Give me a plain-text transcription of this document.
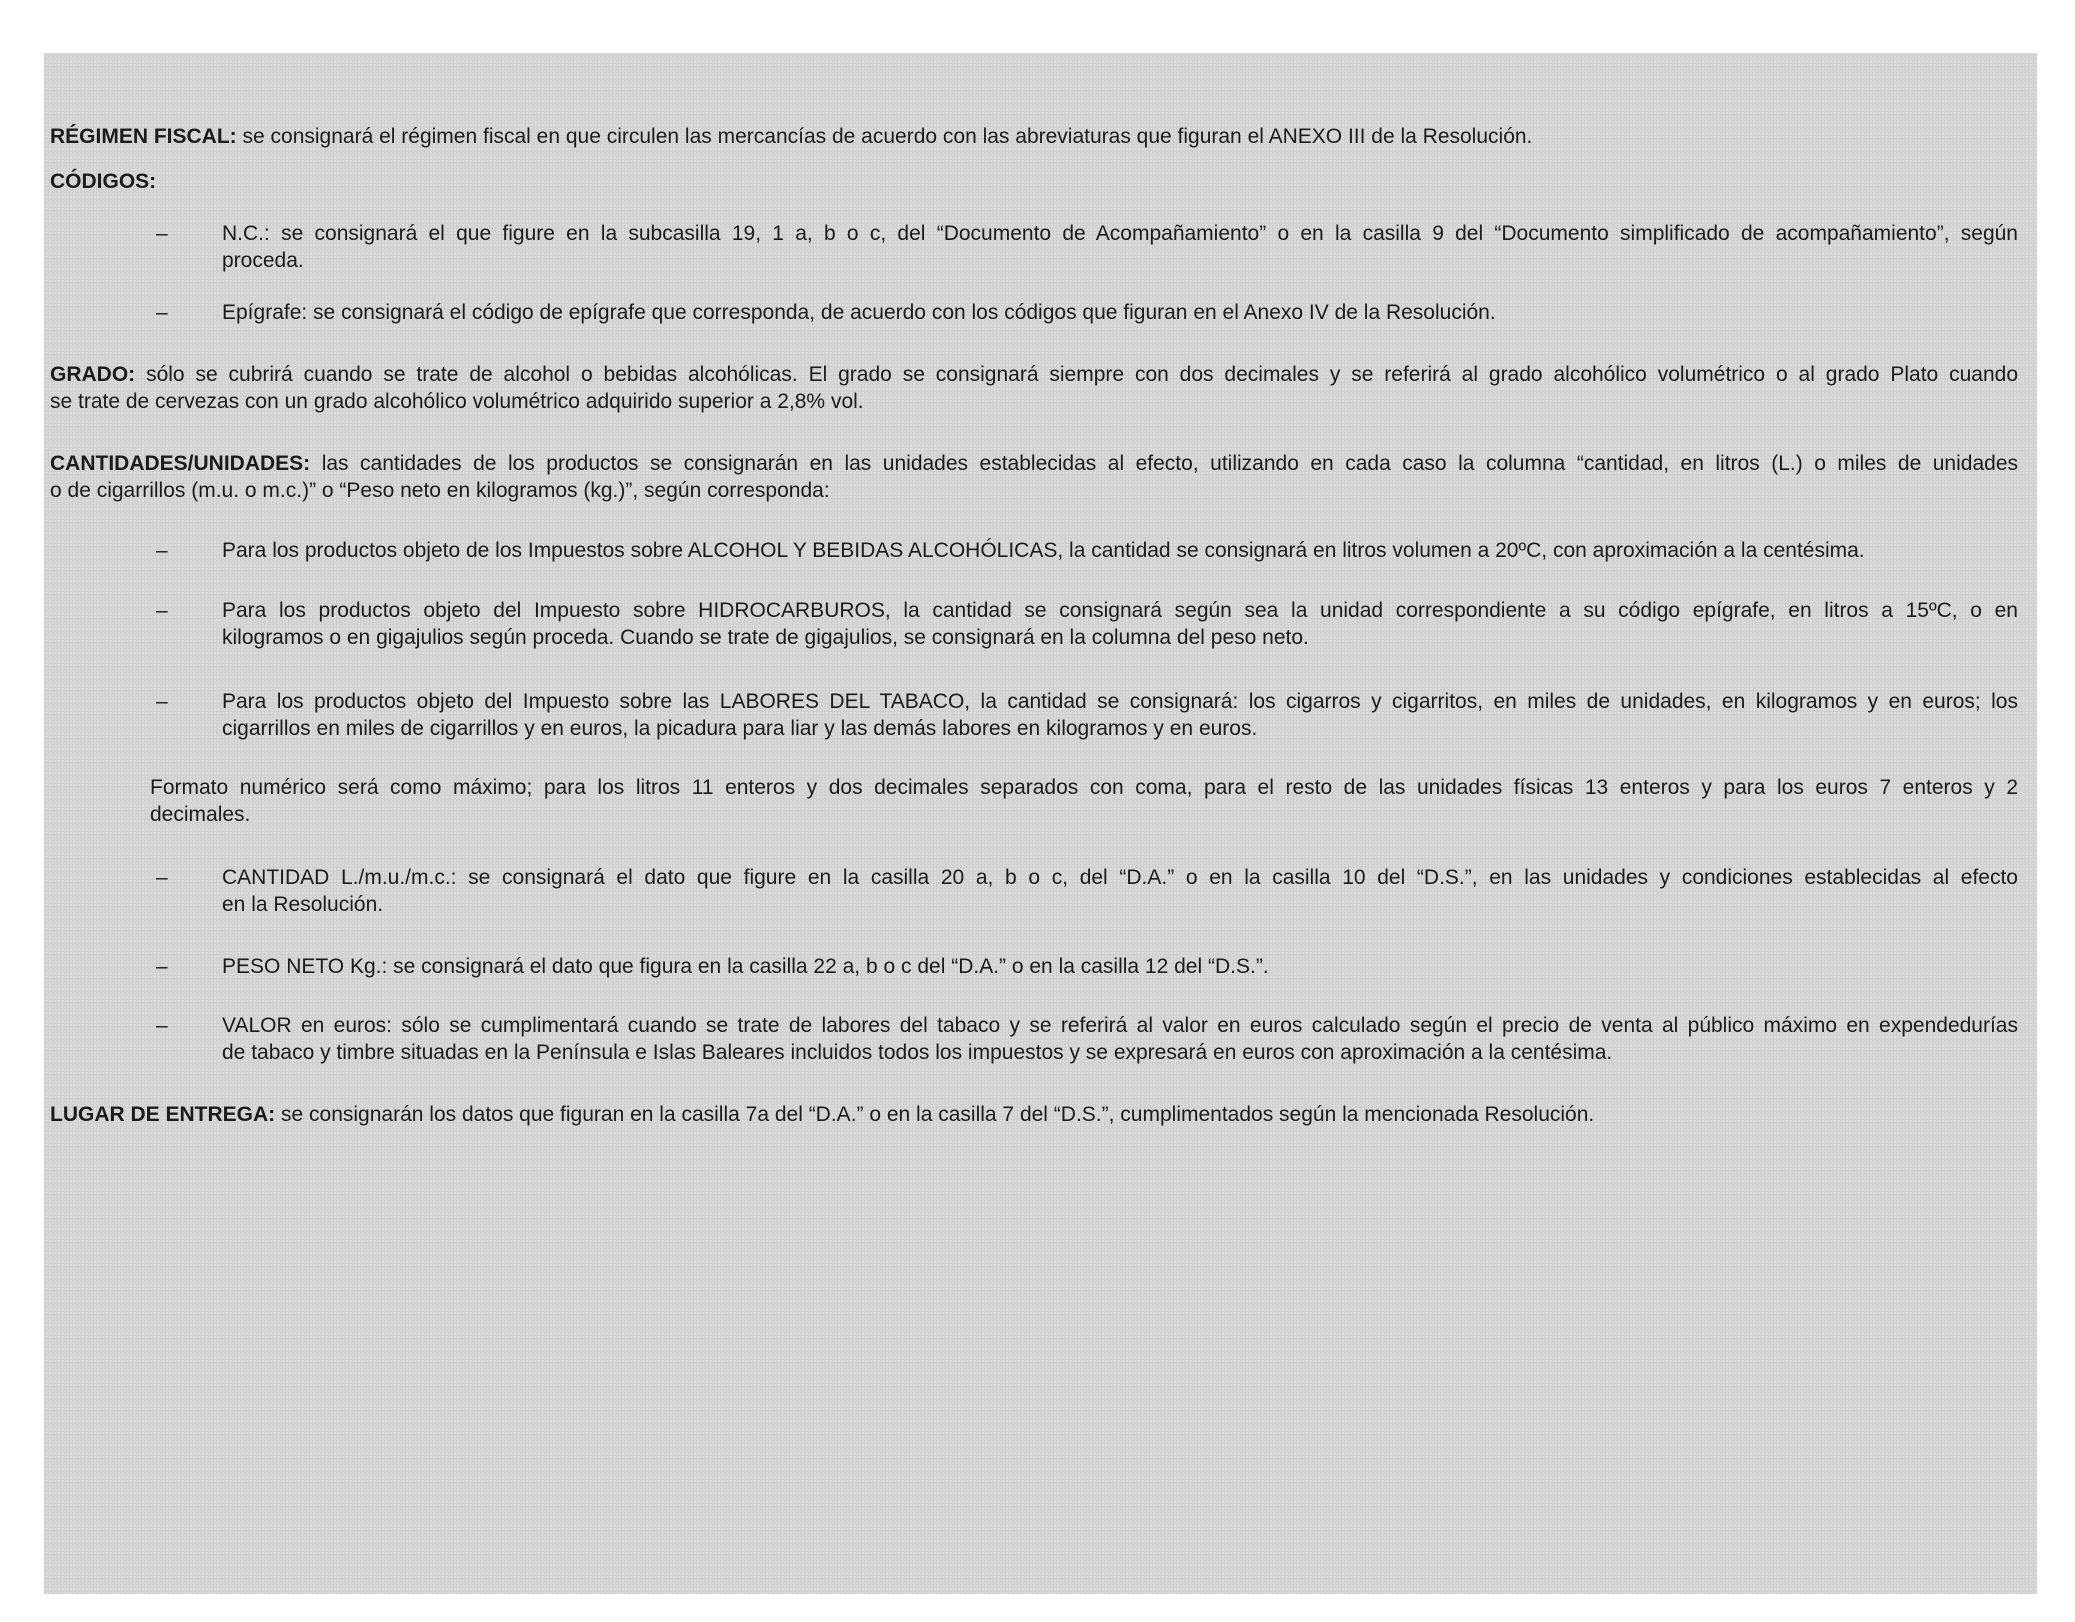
RÉGIMEN FISCAL: se consignará el régimen fiscal en que circulen las mercancías de acuerdo con las abreviaturas que figuran el ANEXO III de la Resolución.
CÓDIGOS:
–	N.C.: se consignará el que figure en la subcasilla 19, 1 a, b o c, del “Documento de Acompañamiento” o en la casilla 9 del “Documento simplificado de acompañamiento”, según
proceda.
–	Epígrafe: se consignará el código de epígrafe que corresponda, de acuerdo con los códigos que figuran en el Anexo IV de la Resolución.
GRADO: sólo se cubrirá cuando se trate de alcohol o bebidas alcohólicas. El grado se consignará siempre con dos decimales y se referirá al grado alcohólico volumétrico o al grado Plato cuando
se trate de cervezas con un grado alcohólico volumétrico adquirido superior a 2,8% vol.
CANTIDADES/UNIDADES: las cantidades de los productos se consignarán en las unidades establecidas al efecto, utilizando en cada caso la columna “cantidad, en litros (L.) o miles de unidades
o de cigarrillos (m.u. o m.c.)” o “Peso neto en kilogramos (kg.)”, según corresponda:
–	Para los productos objeto de los Impuestos sobre ALCOHOL Y BEBIDAS ALCOHÓLICAS, la cantidad se consignará en litros volumen a 20ºC, con aproximación a la centésima.
–	Para los productos objeto del Impuesto sobre HIDROCARBUROS, la cantidad se consignará según sea la unidad correspondiente a su código epígrafe, en litros a 15ºC, o en
kilogramos o en gigajulios según proceda. Cuando se trate de gigajulios, se consignará en la columna del peso neto.
–	Para los productos objeto del Impuesto sobre las LABORES DEL TABACO, la cantidad se consignará: los cigarros y cigarritos, en miles de unidades, en kilogramos y en euros; los
cigarrillos en miles de cigarrillos y en euros, la picadura para liar y las demás labores en kilogramos y en euros.
Formato numérico será como máximo; para los litros 11 enteros y dos decimales separados con coma, para el resto de las unidades físicas 13 enteros y para los euros 7 enteros y 2
decimales.
–	CANTIDAD L./m.u./m.c.: se consignará el dato que figure en la casilla 20 a, b o c, del “D.A.” o en la casilla 10 del “D.S.”, en las unidades y condiciones establecidas al efecto
en la Resolución.
–	PESO NETO Kg.: se consignará el dato que figura en la casilla 22 a, b o c del “D.A.” o en la casilla 12 del “D.S.”.
–	VALOR en euros: sólo se cumplimentará cuando se trate de labores del tabaco y se referirá al valor en euros calculado según el precio de venta al público máximo en expendedurías
de tabaco y timbre situadas en la Península e Islas Baleares incluidos todos los impuestos y se expresará en euros con aproximación a la centésima.
LUGAR DE ENTREGA: se consignarán los datos que figuran en la casilla 7a del “D.A.” o en la casilla 7 del “D.S.”, cumplimentados según la mencionada Resolución.
